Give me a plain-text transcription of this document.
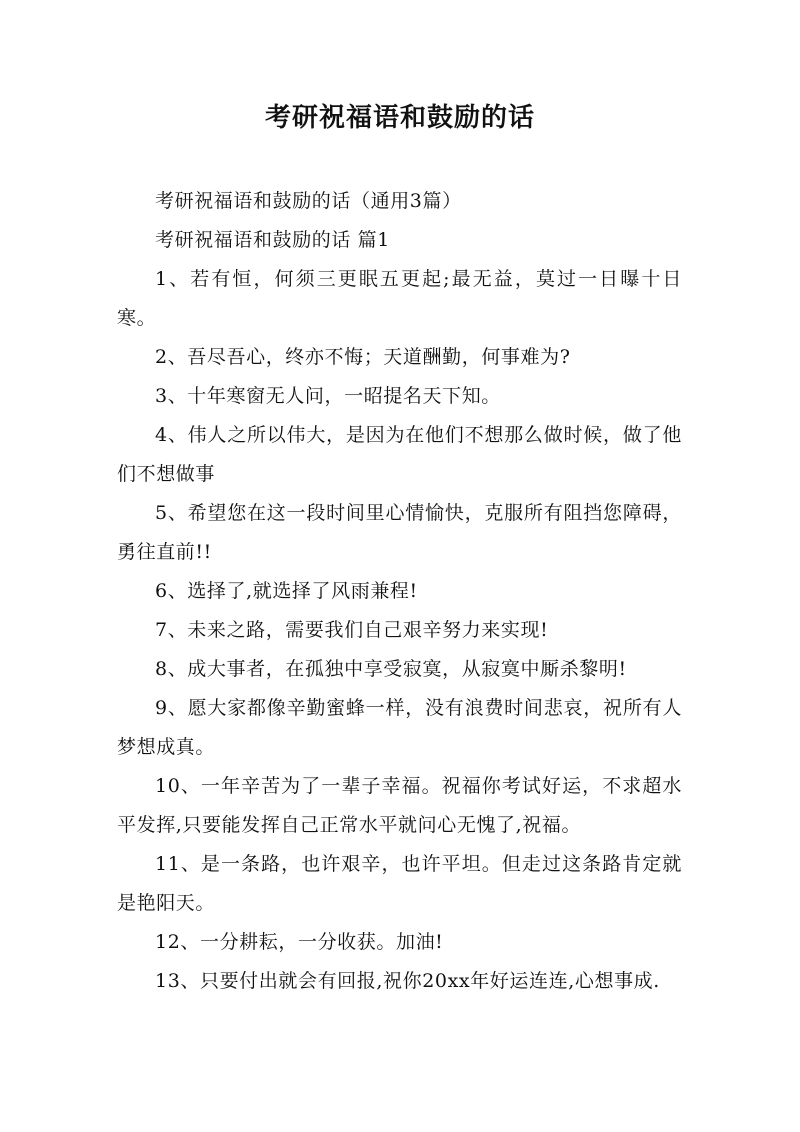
考研祝福语和鼓励的话

考研祝福语和鼓励的话（通用3篇）

考研祝福语和鼓励的话 篇1

1、若有恒，何须三更眠五更起;最无益，莫过一日曝十日寒。

2、吾尽吾心，终亦不悔；天道酬勤，何事难为?

3、十年寒窗无人问，一昭提名天下知。

4、伟人之所以伟大，是因为在他们不想那么做时候，做了他们不想做事

5、希望您在这一段时间里心情愉快，克服所有阻挡您障碍，勇往直前!!

6、选择了,就选择了风雨兼程!

7、未来之路，需要我们自己艰辛努力来实现!

8、成大事者，在孤独中享受寂寞，从寂寞中厮杀黎明!

9、愿大家都像辛勤蜜蜂一样，没有浪费时间悲哀，祝所有人梦想成真。

10、一年辛苦为了一辈子幸福。祝福你考试好运，不求超水平发挥,只要能发挥自己正常水平就问心无愧了,祝福。

11、是一条路，也许艰辛，也许平坦。但走过这条路肯定就是艳阳天。

12、一分耕耘，一分收获。加油!

13、只要付出就会有回报,祝你20xx年好运连连,心想事成.
